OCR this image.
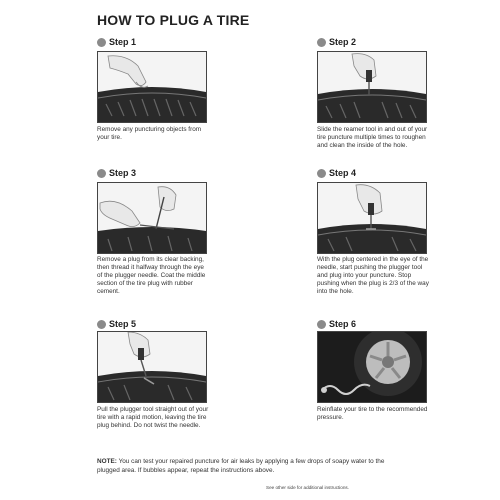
HOW TO PLUG A TIRE
Step 1
Remove any puncturing objects from your tire.
Step 2
Slide the reamer tool in and out of your tire puncture multiple times to roughen and clean the inside of the hole.
Step 3
Remove a plug from its clear backing, then thread it halfway through the eye of the plugger needle. Coat the middle section of the tire plug with rubber cement.
Step 4
With the plug centered in the eye of the needle, start pushing the plugger tool and plug into your puncture. Stop pushing when the plug is 2/3 of the way into the hole.
Step 5
Pull the plugger tool straight out of your tire with a rapid motion, leaving the tire plug behind. Do not twist the needle.
Step 6
Reinflate your tire to the recommended pressure.
NOTE: You can test your repaired puncture for air leaks by applying a few drops of soapy water to the plugged area. If bubbles appear, repeat the instructions above.
See other side for additional instructions.
